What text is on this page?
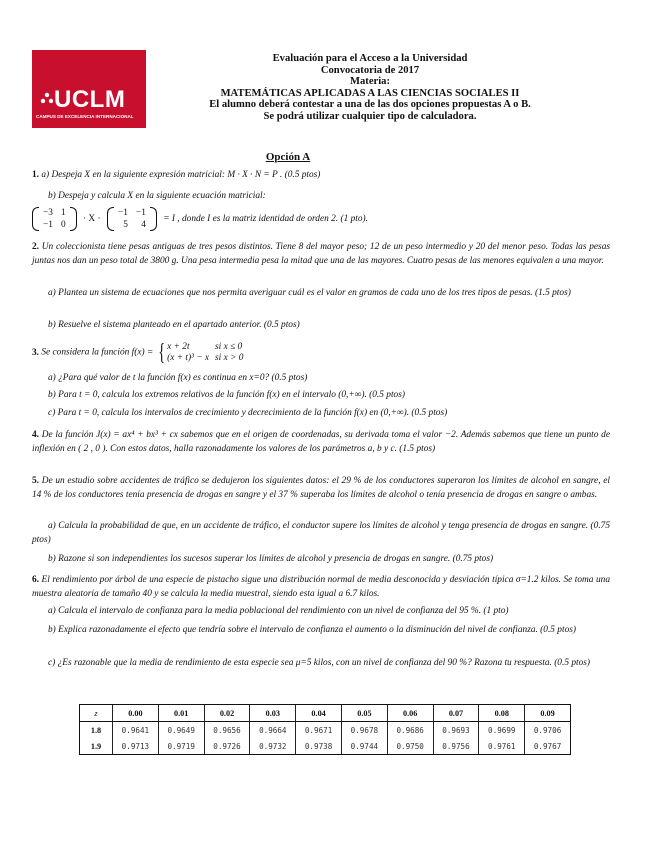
UCLM
CAMPUS DE EXCELENCIA INTERNACIONAL
Evaluación para el Acceso a la Universidad
Convocatoria de 2017
Materia:
MATEMÁTICAS APLICADAS A LAS CIENCIAS SOCIALES II
El alumno deberá contestar a una de las dos opciones propuestas A o B.
Se podrá utilizar cualquier tipo de calculadora.
Opción A
1. a) Despeja X en la siguiente expresión matricial: M · X · N = P . (0.5 ptos)
b) Despeja y calcula X en la siguiente ecuación matricial:
−3	1
−1	0
· X ·
−1	−1
5	4
= I , donde I es la matriz identidad de orden 2. (1 pto).
2. Un coleccionista tiene pesas antiguas de tres pesos distintos. Tiene 8 del mayor peso; 12 de un peso intermedio y 20 del menor peso. Todas las pesas juntas nos dan un peso total de 3800 g. Una pesa intermedia pesa la mitad que una de las mayores. Cuatro pesas de las menores equivalen a una mayor.
a) Plantea un sistema de ecuaciones que nos permita averiguar cuál es el valor en gramos de cada uno de los tres tipos de pesas. (1.5 ptos)
b) Resuelve el sistema planteado en el apartado anterior. (0.5 ptos)
3. Se considera la función f(x) = { x + 2t	si x ≤ 0
(x + t)³ − x	si x > 0
a) ¿Para qué valor de t la función f(x) es continua en x=0? (0.5 ptos)
b) Para t = 0, calcula los extremos relativos de la función f(x) en el intervalo (0,+∞). (0.5 ptos)
c) Para t = 0, calcula los intervalos de crecimiento y decrecimiento de la función f(x) en (0,+∞). (0.5 ptos)
4. De la función J(x) = ax⁴ + bx³ + cx sabemos que en el origen de coordenadas, su derivada toma el valor −2. Además sabemos que tiene un punto de inflexión en ( 2 , 0 ). Con estos datos, halla razonadamente los valores de los parámetros a, b y c. (1.5 ptos)
5. De un estudio sobre accidentes de tráfico se dedujeron los siguientes datos: el 29 % de los conductores superaron los límites de alcohol en sangre, el 14 % de los conductores tenía presencia de drogas en sangre y el 37 % superaba los límites de alcohol o tenía presencia de drogas en sangre o ambas.
a) Calcula la probabilidad de que, en un accidente de tráfico, el conductor supere los límites de alcohol y tenga presencia de drogas en sangre. (0.75 ptos)
b) Razone si son independientes los sucesos superar los límites de alcohol y presencia de drogas en sangre. (0.75 ptos)
6. El rendimiento por árbol de una especie de pistacho sigue una distribución normal de media desconocida y desviación típica σ=1.2 kilos. Se toma una muestra aleatoria de tamaño 40 y se calcula la media muestral, siendo esta igual a 6.7 kilos.
a) Calcula el intervalo de confianza para la media poblacional del rendimiento con un nivel de confianza del 95 %. (1 pto)
b) Explica razonadamente el efecto que tendría sobre el intervalo de confianza el aumento o la disminución del nivel de confianza. (0.5 ptos)
c) ¿Es razonable que la media de rendimiento de esta especie sea μ=5 kilos, con un nivel de confianza del 90 %? Razona tu respuesta. (0.5 ptos)
z	0.00	0.01	0.02	0.03	0.04	0.05	0.06	0.07	0.08	0.09
1.8	0.9641	0.9649	0.9656	0.9664	0.9671	0.9678	0.9686	0.9693	0.9699	0.9706
1.9	0.9713	0.9719	0.9726	0.9732	0.9738	0.9744	0.9750	0.9756	0.9761	0.9767
